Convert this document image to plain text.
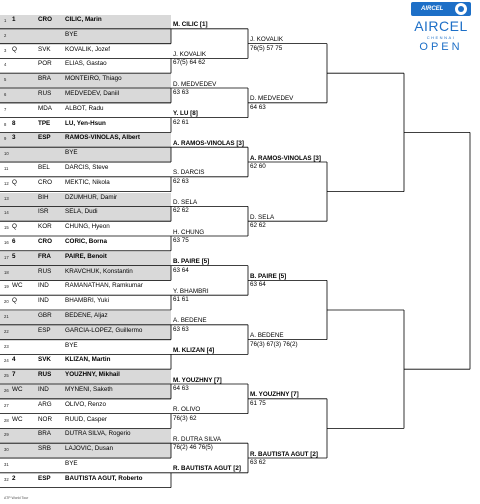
1 1	CRO CILIC, Marin
2	BYE
3 Q	SVK KOVALIK, Jozef
4	POR ELIAS, Gastao
5	BRA MONTEIRO, Thiago
6	RUS MEDVEDEV, Daniil
7	MDA ALBOT, Radu
8 8	TPE LU, Yen-Hsun
9 3	ESP RAMOS-VINOLAS, Albert
10	BYE
11	BEL DARCIS, Steve
12 Q	CRO MEKTIC, Nikola
13	BIH	DZUMHUR, Damir
14	ISR	SELA, Dudi
15 Q	KOR CHUNG, Hyeon
16 6	CRO CORIC, Borna
17 5	FRA PAIRE, Benoit
18	RUS KRAVCHUK, Konstantin
19 WC IND	RAMANATHAN, Ramkumar
20 Q	IND	BHAMBRI, Yuki
21	GBR BEDENE, Aljaz
22	ESP GARCIA-LOPEZ, Guillermo
23	BYE
24 4	SVK KLIZAN, Martin
25 7	RUS YOUZHNY, Mikhail
26 WC IND	MYNENI, Saketh
27	ARG OLIVO, Renzo
28 WC NOR RUUD, Casper
29	BRA DUTRA SILVA, Rogerio
30	SRB LAJOVIC, Dusan
31	BYE
32 2	ESP BAUTISTA AGUT, Roberto
M. CILIC [1]
J. KOVALIK
67(5) 64 62
D. MEDVEDEV
63 63
Y. LU [8]
62 61
A. RAMOS-VINOLAS [3]
S. DARCIS
62 63
D. SELA
62 62
H. CHUNG
63 75
B. PAIRE [5]
63 64
Y. BHAMBRI
61 61
A. BEDENE
63 63
M. KLIZAN [4]
M. YOUZHNY [7]
64 63
R. OLIVO
76(3) 62
R. DUTRA SILVA
76(2) 46 76(5)
R. BAUTISTA AGUT [2]
J. KOVALIK
76(5) 57 75
D. MEDVEDEV
64 63
A. RAMOS-VINOLAS [3]
62 60
D. SELA
62 62
B. PAIRE [5]
63 64
A. BEDENE
76(3) 67(3) 76(2)
M. YOUZHNY [7]
61 75
R. BAUTISTA AGUT [2]
63 62
AIRCEL
AIRCEL
CHENNAI
OPEN
ATP World Tour
